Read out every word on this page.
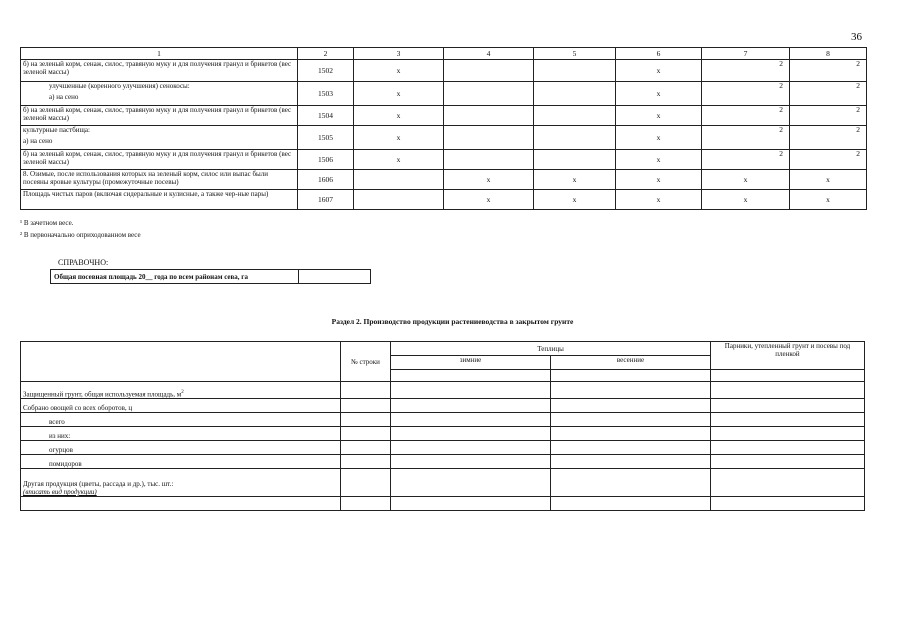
36
1	2	3	4	5	6	7	8

б) на зеленый корм, сенаж, силос, травяную муку и для получения гранул и брикетов (вес зеленой массы)	1502	x			x	2	2

улучшенные (коренного улучшения) сенокосы:
а) на сено	1503	x			x	2	2

б) на зеленый корм, сенаж, силос, травяную муку и для получения гранул и брикетов (вес зеленой массы)	1504	x			x	2	2

культурные пастбища:
а) на сено	1505	x			x	2	2

б) на зеленый корм, сенаж, силос, травяную муку и для получения гранул и брикетов (вес зеленой массы)	1506	x			x	2	2

8. Озимые, после использования которых на зеленый корм, силос или выпас были посеяны яровые культуры (промежуточные посевы)	1606		x	x	x	x	x

Площадь чистых паров (включая сидеральные и кулисные, а также чер-ные пары)	1607		x	x	x	x	x
¹ В зачетном весе.
² В первоначально оприходованном весе
СПРАВОЧНО:
Общая посевная площадь 20__ года по всем районам сева, га	
Раздел 2. Производство продукции растениеводства в закрытом грунте
	№ строки	Теплицы		Парники, утепленный грунт и посевы под пленкой
		зимние	весенние	

Защищенный грунт, общая используемая площадь, $м^2$				
Собрано овощей со всех оборотов, ц				
всего				
из них:				
огурцов				
помидоров				
Другая продукция (цветы, рассада и др.), тыс. шт.:
(вписать вид продукции)				
